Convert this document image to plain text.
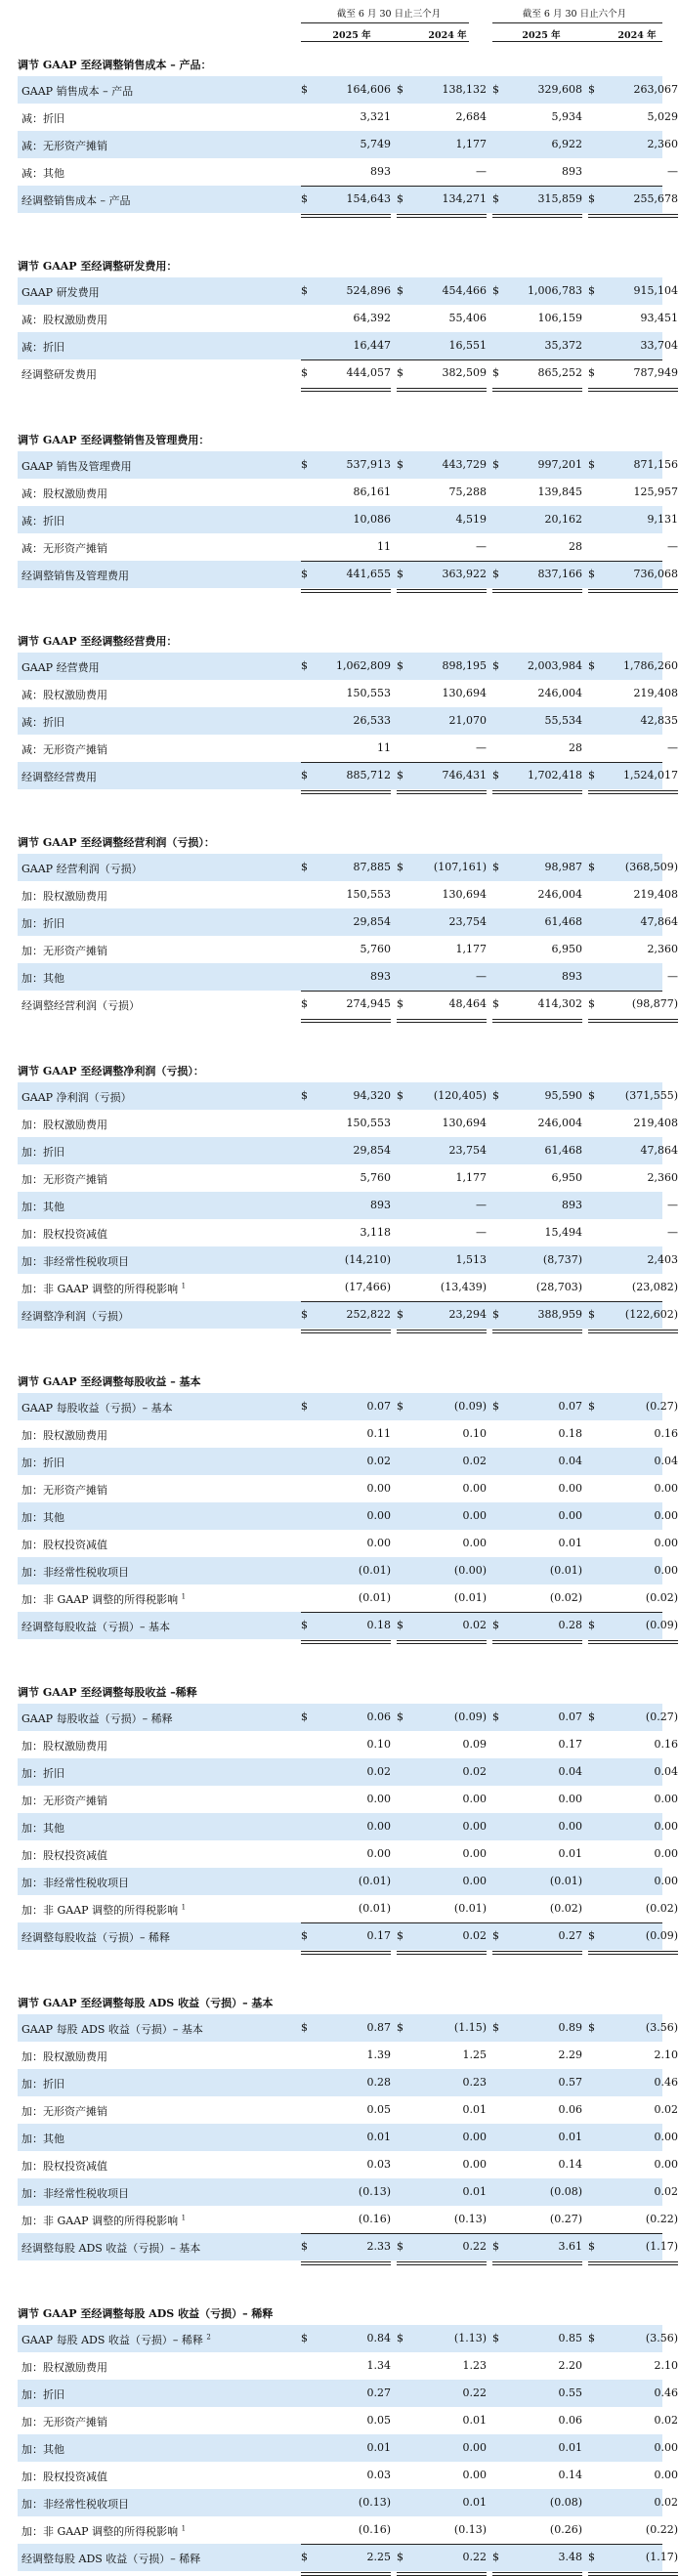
截至 6 月 30 日止三个月	截至 6 月 30 日止六个月
2025 年	2024 年	2025 年	2024 年
调节 GAAP 至经调整销售成本 – 产品：
GAAP 销售成本 – 产品	$	164,606 $	138,132 $	329,608 $	263,067
减：折旧	3,321	2,684	5,934	5,029
减：无形资产摊销	5,749	1,177	6,922	2,360
减：其他	893	—	893	—
经调整销售成本 – 产品	$	154,643 $	134,271 $	315,859 $	255,678
调节 GAAP 至经调整研发费用：
GAAP 研发费用	$	524,896 $	454,466 $	1,006,783 $	915,104
减：股权激励费用	64,392	55,406	106,159	93,451
减：折旧	16,447	16,551	35,372	33,704
经调整研发费用	$	444,057 $	382,509 $	865,252 $	787,949
调节 GAAP 至经调整销售及管理费用：
GAAP 销售及管理费用	$	537,913 $	443,729 $	997,201 $	871,156
减：股权激励费用	86,161	75,288	139,845	125,957
减：折旧	10,086	4,519	20,162	9,131
减：无形资产摊销	11	—	28	—
经调整销售及管理费用	$	441,655 $	363,922 $	837,166 $	736,068
调节 GAAP 至经调整经营费用：
GAAP 经营费用	$	1,062,809 $	898,195 $	2,003,984 $	1,786,260
减：股权激励费用	150,553	130,694	246,004	219,408
减：折旧	26,533	21,070	55,534	42,835
减：无形资产摊销	11	—	28	—
经调整经营费用	$	885,712 $	746,431 $	1,702,418 $	1,524,017
调节 GAAP 至经调整经营利润（亏损）：
GAAP 经营利润（亏损）	$	87,885 $	(107,161) $	98,987 $	(368,509)
加：股权激励费用	150,553	130,694	246,004	219,408
加：折旧	29,854	23,754	61,468	47,864
加：无形资产摊销	5,760	1,177	6,950	2,360
加：其他	893	—	893	—
经调整经营利润（亏损）	$	274,945 $	48,464 $	414,302 $	(98,877)
调节 GAAP 至经调整净利润（亏损）：
GAAP 净利润（亏损）	$	94,320 $	(120,405) $	95,590 $	(371,555)
加：股权激励费用	150,553	130,694	246,004	219,408
加：折旧	29,854	23,754	61,468	47,864
加：无形资产摊销	5,760	1,177	6,950	2,360
加：其他	893	—	893	—
加：股权投资减值	3,118	—	15,494	—
加：非经常性税收项目	(14,210)	1,513	(8,737)	2,403
加：非 GAAP 调整的所得税影响 $^1$	(17,466)	(13,439)	(28,703)	(23,082)
经调整净利润（亏损）	$	252,822 $	23,294 $	388,959 $	(122,602)
调节 GAAP 至经调整每股收益 – 基本
GAAP 每股收益（亏损）– 基本	$	0.07 $	(0.09) $	0.07 $	(0.27)
加：股权激励费用	0.11	0.10	0.18	0.16
加：折旧	0.02	0.02	0.04	0.04
加：无形资产摊销	0.00	0.00	0.00	0.00
加：其他	0.00	0.00	0.00	0.00
加：股权投资减值	0.00	0.00	0.01	0.00
加：非经常性税收项目	(0.01)	(0.00)	(0.01)	0.00
加：非 GAAP 调整的所得税影响 $^1$	(0.01)	(0.01)	(0.02)	(0.02)
经调整每股收益（亏损）– 基本	$	0.18 $	0.02 $	0.28 $	(0.09)
调节 GAAP 至经调整每股收益 –稀释
GAAP 每股收益（亏损）– 稀释	$	0.06 $	(0.09) $	0.07 $	(0.27)
加：股权激励费用	0.10	0.09	0.17	0.16
加：折旧	0.02	0.02	0.04	0.04
加：无形资产摊销	0.00	0.00	0.00	0.00
加：其他	0.00	0.00	0.00	0.00
加：股权投资减值	0.00	0.00	0.01	0.00
加：非经常性税收项目	(0.01)	0.00	(0.01)	0.00
加：非 GAAP 调整的所得税影响 $^1$	(0.01)	(0.01)	(0.02)	(0.02)
经调整每股收益（亏损）– 稀释	$	0.17 $	0.02 $	0.27 $	(0.09)
调节 GAAP 至经调整每股 ADS 收益（亏损）– 基本
GAAP 每股 ADS 收益（亏损）– 基本	$	0.87 $	(1.15) $	0.89 $	(3.56)
加：股权激励费用	1.39	1.25	2.29	2.10
加：折旧	0.28	0.23	0.57	0.46
加：无形资产摊销	0.05	0.01	0.06	0.02
加：其他	0.01	0.00	0.01	0.00
加：股权投资减值	0.03	0.00	0.14	0.00
加：非经常性税收项目	(0.13)	0.01	(0.08)	0.02
加：非 GAAP 调整的所得税影响 $^1$	(0.16)	(0.13)	(0.27)	(0.22)
经调整每股 ADS 收益（亏损）– 基本	$	2.33 $	0.22 $	3.61 $	(1.17)
调节 GAAP 至经调整每股 ADS 收益（亏损）– 稀释
GAAP 每股 ADS 收益（亏损）– 稀释 $^2$	$	0.84 $	(1.13) $	0.85 $	(3.56)
加：股权激励费用	1.34	1.23	2.20	2.10
加：折旧	0.27	0.22	0.55	0.46
加：无形资产摊销	0.05	0.01	0.06	0.02
加：其他	0.01	0.00	0.01	0.00
加：股权投资减值	0.03	0.00	0.14	0.00
加：非经常性税收项目	(0.13)	0.01	(0.08)	0.02
加：非 GAAP 调整的所得税影响 $^1$	(0.16)	(0.13)	(0.26)	(0.22)
经调整每股 ADS 收益（亏损）– 稀释	$	2.25 $	0.22 $	3.48 $	(1.17)
